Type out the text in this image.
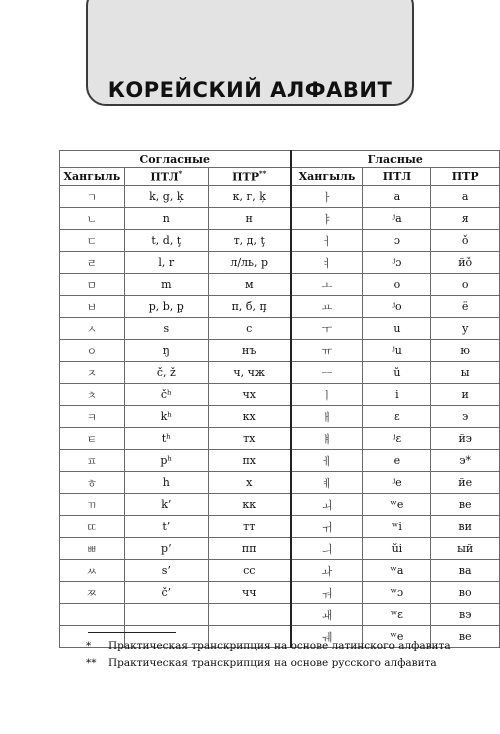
КОРЕЙСКИЙ АЛФАВИТ
Согласные			Гласные		
Хангыль	ПТЛ*	ПТР**	Хангыль	ПТЛ	ПТР
ㄱ	k, g, ķ	к, г, ķ	ㅏ	a	а
ㄴ	n	н	ㅑ	ʲa	я
ㄷ	t, d, ţ	т, д, ţ	ㅓ	ɔ	ǒ
ㄹ	l, r	л/ль, р	ㅕ	ʲɔ	йǒ
ㅁ	m	м	ㅗ	o	о
ㅂ	p, b, p̧	п, б, п̧	ㅛ	ʲo	ё
ㅅ	s	с	ㅜ	u	у
ㅇ	ŋ	нъ	ㅠ	ʲu	ю
ㅈ	č, ž	ч, чж	ㅡ	ŭ	ы
ㅊ	čʰ	чх	ㅣ	i	и
ㅋ	kʰ	кх	ㅐ	ɛ	э
ㅌ	tʰ	тх	ㅒ	ʲɛ	йэ
ㅍ	pʰ	пх	ㅔ	e	э*
ㅎ	h	х	ㅖ	ʲe	йе
ㄲ	k’	кк	ㅚ	ʷe	ве
ㄸ	t’	тт	ㅟ	ʷi	ви
ㅃ	p’	пп	ㅢ	ŭi	ый
ㅆ	s’	сс	ㅘ	ʷa	ва
ㅉ	č’	чч	ㅝ	ʷɔ	во
			ㅙ	ʷɛ	вэ
			ㅞ	ʷe	ве
* Практическая транскрипция на основе латинского алфавита
** Практическая транскрипция на основе русского алфавита
